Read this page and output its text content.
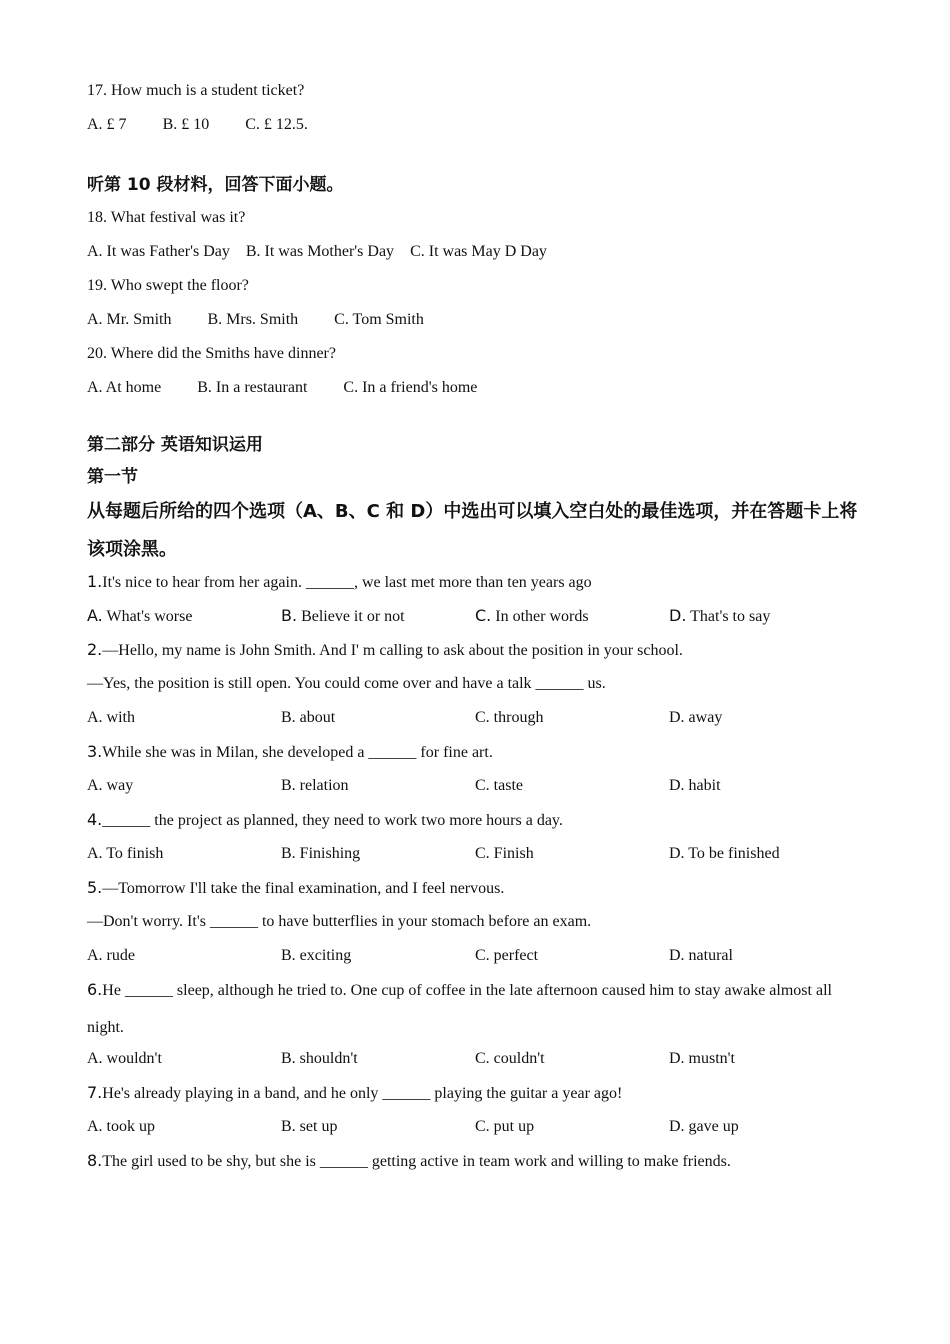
17. How much is a student ticket?
A. £ 7 B. £ 10 C. £ 12.5.
听第 10 段材料，回答下面小题。
18. What festival was it?
A. It was Father's Day B. It was Mother's Day C. It was May D Day
19. Who swept the floor?
A. Mr. Smith B. Mrs. Smith C. Tom Smith
20. Where did the Smiths have dinner?
A. At home B. In a restaurant C. In a friend's home
第二部分 英语知识运用
第一节
从每题后所给的四个选项（A、B、C 和 D）中选出可以填入空白处的最佳选项，并在答题卡上将该项涂黑。
1.It's nice to hear from her again. ______, we last met more than ten years ago
A. What's worse	B. Believe it or not	C. In other words	D. That's to say
2.—Hello, my name is John Smith. And I' m calling to ask about the position in your school.
—Yes, the position is still open. You could come over and have a talk ______ us.
A. with	B. about	C. through	D. away
3.While she was in Milan, she developed a ______ for fine art.
A. way	B. relation	C. taste	D. habit
4.______ the project as planned, they need to work two more hours a day.
A. To finish	B. Finishing	C. Finish	D. To be finished
5.—Tomorrow I'll take the final examination, and I feel nervous.
—Don't worry. It's ______ to have butterflies in your stomach before an exam.
A. rude	B. exciting	C. perfect	D. natural
6.He ______ sleep, although he tried to. One cup of coffee in the late afternoon caused him to stay awake almost all night.
A. wouldn't	B. shouldn't	C. couldn't	D. mustn't
7.He's already playing in a band, and he only ______ playing the guitar a year ago!
A. took up	B. set up	C. put up	D. gave up
8.The girl used to be shy, but she is ______ getting active in team work and willing to make friends.
